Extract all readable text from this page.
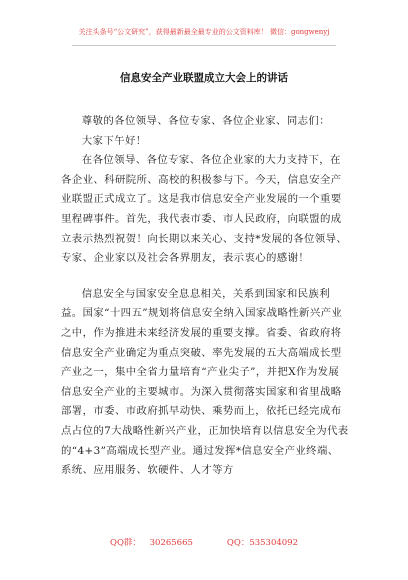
关注头条号“公文研究”，获得最新最全最专业的公文资料库！ 微信：gongwenyj
信息安全产业联盟成立大会上的讲话

尊敬的各位领导、各位专家、各位企业家、同志们：

大家下午好！

在各位领导、各位专家、各位企业家的大力支持下，在各企业、科研院所、高校的积极参与下。今天，信息安全产业联盟正式成立了。这是我市信息安全产业发展的一个重要里程碑事件。首先，我代表市委、市人民政府，向联盟的成立表示热烈祝贺！向长期以来关心、支持*发展的各位领导、专家、企业家以及社会各界朋友，表示衷心的感谢！

信息安全与国家安全息息相关，关系到国家和民族利益。国家“十四五”规划将信息安全纳入国家战略性新兴产业之中，作为推进未来经济发展的重要支撑。省委、省政府将信息安全产业确定为重点突破、率先发展的五大高端成长型产业之一，集中全省力量培育“产业尖子”，并把X作为发展信息安全产业的主要城市。为深入贯彻落实国家和省里战略部署，市委、市政府抓早动快、乘势而上，依托已经完成布点占位的7大战略性新兴产业，正加快培育以信息安全为代表的“4+3”高端成长型产业。通过发挥*信息安全产业终端、系统、应用服务、软硬件、人才等方

QQ群： 30265665	QQ：535304092
